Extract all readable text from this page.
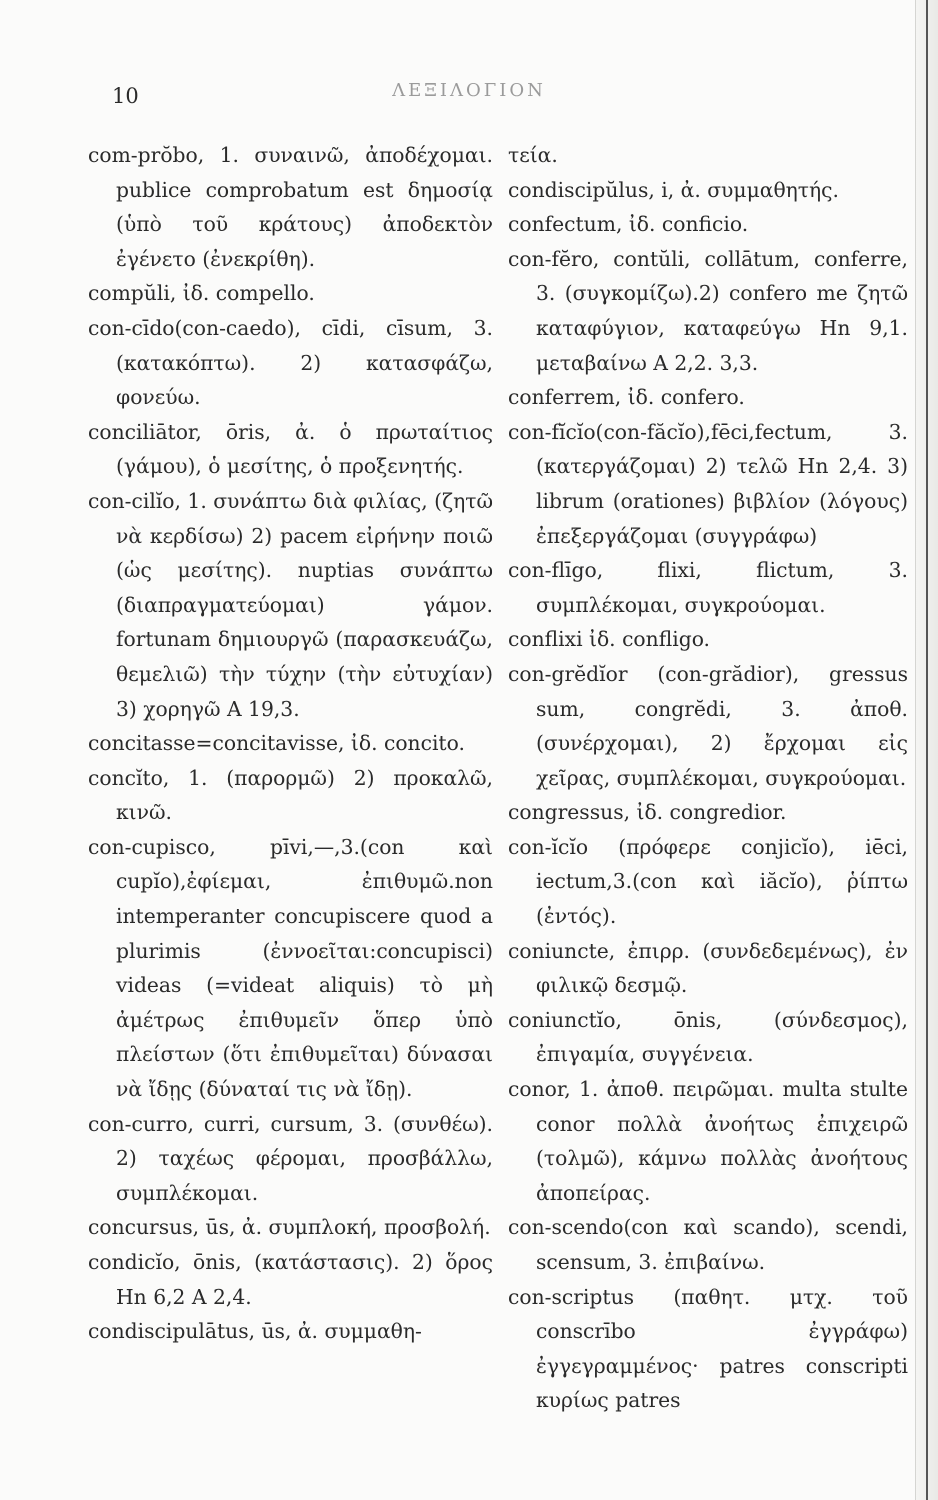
10	ΛΕΞΙΛΟΓΙΟΝ

com-prŏbo, 1. συναινῶ, ἀποδέχομαι. publice comprobatum est δημοσίᾳ (ὑπὸ τοῦ κράτους) ἀποδεκτὸν ἐγένετο (ἐνεκρίθη).

compŭli, ἰδ. compello.

con-cīdo(con-caedo), cīdi, cīsum, 3. (κατακόπτω). 2) κατασφάζω, φονεύω.

conciliātor, ōris, ἀ. ὁ πρωταίτιος (γάμου), ὁ μεσίτης, ὁ προξενητής.

con-cilĭo, 1. συνάπτω διὰ φιλίας, (ζητῶ νὰ κερδίσω) 2) pacem εἰρήνην ποιῶ (ὡς μεσίτης). nuptias συνάπτω (διαπραγματεύομαι) γάμον. fortunam δημιουργῶ (παρασκευάζω, θεμελιῶ) τὴν τύχην (τὴν εὐτυχίαν) 3) χορηγῶ Α 19,3.

concitasse=concitavisse, ἰδ. concito.

concĭto, 1. (παρορμῶ) 2) προκαλῶ, κινῶ.

con-cupisco, pīvi,—,3.(con καὶ cupĭo),ἐφίεμαι, ἐπιθυμῶ.non intemperanter concupiscere quod a plurimis (ἐννοεῖται:concupisci) videas (=videat aliquis) τὸ μὴ ἀμέτρως ἐπιθυμεῖν ὅπερ ὑπὸ πλείστων (ὅτι ἐπιθυμεῖται) δύνασαι νὰ ἴδῃς (δύναταί τις νὰ ἴδῃ).

con-curro, curri, cursum, 3. (συνθέω). 2) ταχέως φέρομαι, προσβάλλω, συμπλέκομαι.

concursus, ūs, ἀ. συμπλοκή, προσβολή.

condicĭo, ōnis, (κατάστασις). 2) ὅρος Ηn 6,2 Α 2,4.

condiscipulātus, ūs, ἀ. συμμαθη-

τεία.

condiscipŭlus, i, ἀ. συμμαθητής.

confectum, ἰδ. conficio.

con-fĕro, contŭli, collātum, conferre, 3. (συγκομίζω).2) confero me ζητῶ καταφύγιον, καταφεύγω Ηn 9,1. μεταβαίνω Α 2,2. 3,3.

conferrem, ἰδ. confero.

con-fĭcĭo(con-făcĭo),fēci,fectum, 3. (κατεργάζομαι) 2) τελῶ Ηn 2,4. 3) librum (orationes) βιβλίον (λόγους) ἐπεξεργάζομαι (συγγράφω)

con-flīgo, flixi, flictum, 3. συμπλέκομαι, συγκρούομαι.

conflixi ἰδ. confligo.

con-grĕdĭor (con-grădior), gressus sum, congrĕdi, 3. ἀποθ. (συνέρχομαι), 2) ἔρχομαι εἰς χεῖρας, συμπλέκομαι, συγκρούομαι.

congressus, ἰδ. congredior.

con-ĭcĭo (πρόφερε conjicĭo), iēci, iectum,3.(con καὶ iăcĭo), ῥίπτω (ἐντός).

coniuncte, ἐπιρρ. (συνδεδεμένως), ἐν φιλικῷ δεσμῷ.

coniunctĭo, ōnis, (σύνδεσμος), ἐπιγαμία, συγγένεια.

conor, 1. ἀποθ. πειρῶμαι. multa stulte conor πολλὰ ἀνοήτως ἐπιχειρῶ (τολμῶ), κάμνω πολλὰς ἀνοήτους ἀποπείρας.

con-scendo(con καὶ scando), scendi, scensum, 3. ἐπιβαίνω.

con-scriptus (παθητ. μτχ. τοῦ conscrībo ἐγγράφω) ἐγγεγραμμένος· patres conscripti κυρίως patres
